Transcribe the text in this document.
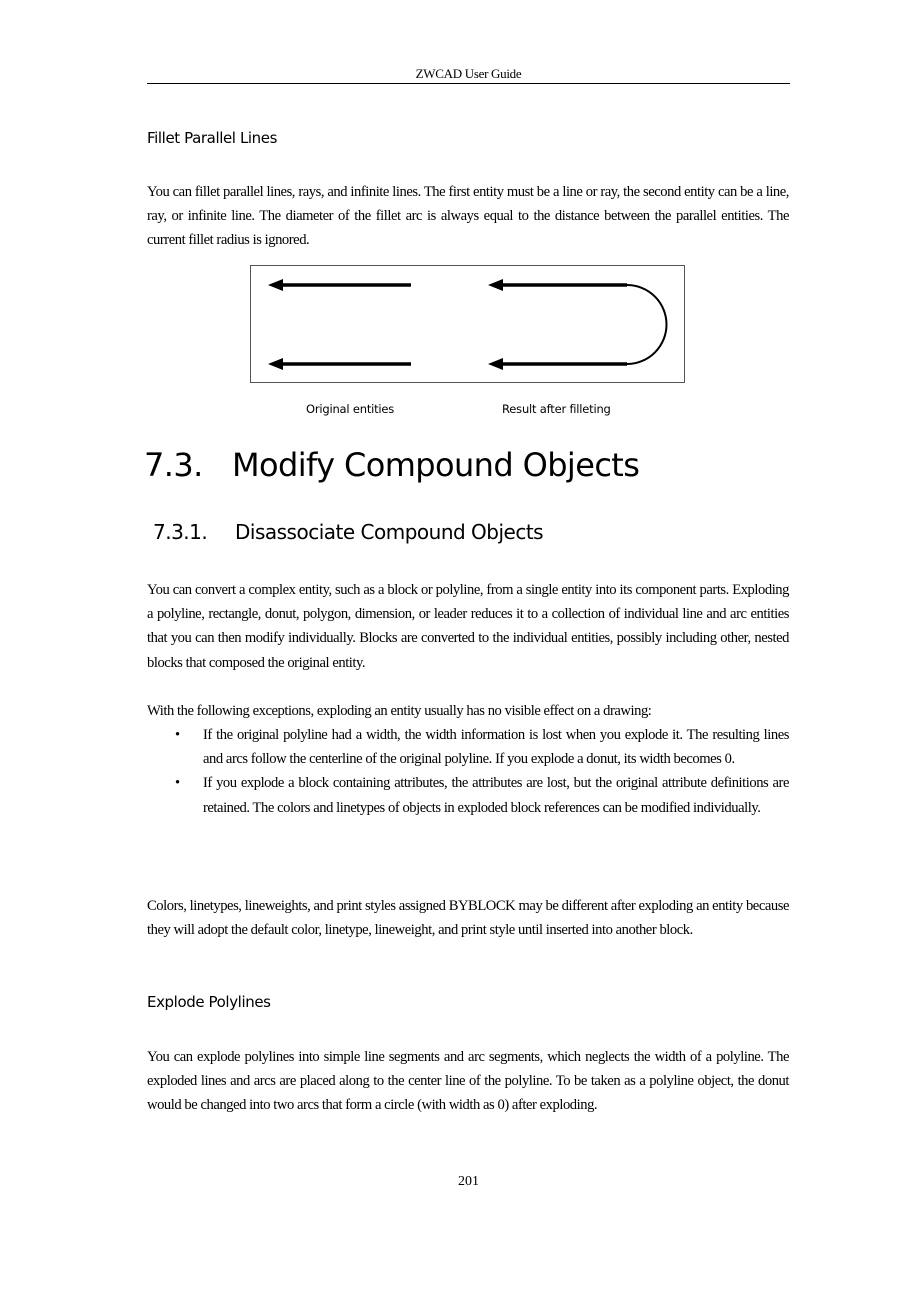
ZWCAD User Guide
Fillet Parallel Lines

You can fillet parallel lines, rays, and infinite lines. The first entity must be a line or ray, the second entity can be a line, ray, or infinite line. The diameter of the fillet arc is always equal to the distance between the parallel entities. The current fillet radius is ignored.

Original entities	Result after filleting
7.3. Modify Compound Objects
7.3.1. Disassociate Compound Objects

You can convert a complex entity, such as a block or polyline, from a single entity into its component parts. Exploding a polyline, rectangle, donut, polygon, dimension, or leader reduces it to a collection of individual line and arc entities that you can then modify individually. Blocks are converted to the individual entities, possibly including other, nested blocks that composed the original entity.

With the following exceptions, exploding an entity usually has no visible effect on a drawing:

• If the original polyline had a width, the width information is lost when you explode it. The resulting lines and arcs follow the centerline of the original polyline. If you explode a donut, its width becomes 0.
• If you explode a block containing attributes, the attributes are lost, but the original attribute definitions are retained. The colors and linetypes of objects in exploded block references can be modified individually.

Colors, linetypes, lineweights, and print styles assigned BYBLOCK may be different after exploding an entity because they will adopt the default color, linetype, lineweight, and print style until inserted into another block.

Explode Polylines

You can explode polylines into simple line segments and arc segments, which neglects the width of a polyline. The exploded lines and arcs are placed along to the center line of the polyline. To be taken as a polyline object, the donut would be changed into two arcs that form a circle (with width as 0) after exploding.

201
